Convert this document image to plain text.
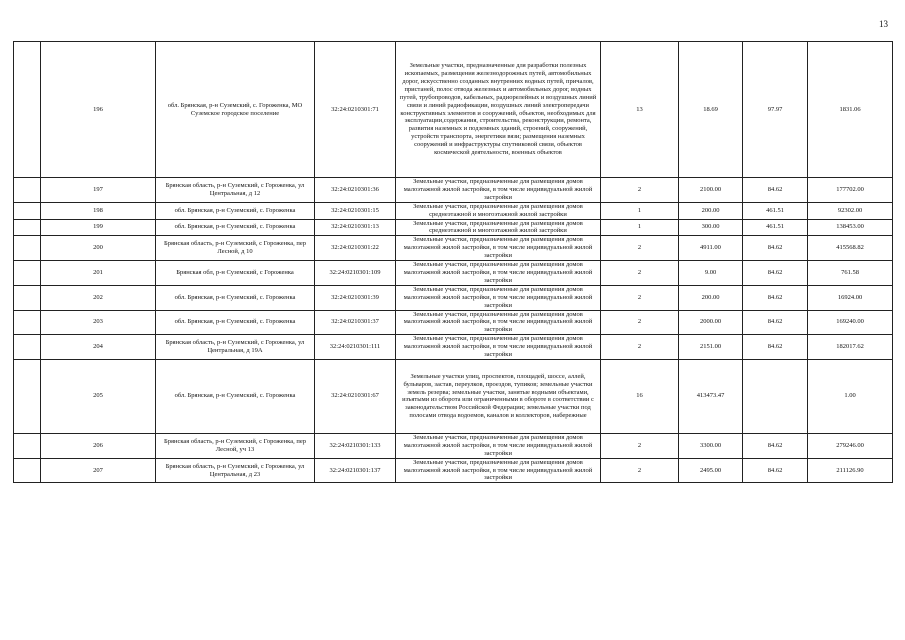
13
	196	обл. Брянская, р-н Суземский, с. Гороженка, МО Суземское городское поселение	32:24:0210301:71	Земельные участки, предназначенные для разработки полезных ископаемых, размещения железнодорожных путей, автомобильных дорог, искусственно созданных внутренних водных путей, причалов, пристаней, полос отвода железных и автомобильных дорог, водных путей, трубопроводов, кабельных, радиорелейных и воздушных линий связи и линий радиофикации, воздушных линий электропередачи конструктивных элементов и сооружений, объектов, необходимых для эксплуатации,содержания, строительства, реконструкции, ремонта, развития наземных и подземных зданий, строений, сооружений, устройств транспорта, энергетики вязи; размещения наземных сооружений и инфраструктуры спутниковой связи, объектов космической деятельности, военных объектов	13	18.69	97.97	1831.06
	197	Брянская область, р-н Суземский, с Гороженка, ул Центральная, д 12	32:24:0210301:36	Земельные участки, предназначенные для размещения домов малоэтажной жилой застройки, в том числе индивидуальной жилой застройки	2	2100.00	84.62	177702.00
	198	обл. Брянская, р-н Суземский, с. Гороженка	32:24:0210301:15	Земельные участки, предназначенные для размещения домов среднеэтажной и многоэтажной жилой застройки	1	200.00	461.51	92302.00
	199	обл. Брянская, р-н Суземский, с. Гороженка	32:24:0210301:13	Земельные участки, предназначенные для размещения домов среднеэтажной и многоэтажной жилой застройки	1	300.00	461.51	138453.00
	200	Брянская область, р-н Суземский, с Гороженка, пер Лесной, д 10	32:24:0210301:22	Земельные участки, предназначенные для размещения домов малоэтажной жилой застройки, в том числе индивидуальной жилой застройки	2	4911.00	84.62	415568.82
	201	Брянская обл, р-н Суземский, с Гороженка	32:24:0210301:109	Земельные участки, предназначенные для размещения домов малоэтажной жилой застройки, в том числе индивидуальной жилой застройки	2	9.00	84.62	761.58
	202	обл. Брянская, р-н Суземский, с. Гороженка	32:24:0210301:39	Земельные участки, предназначенные для размещения домов малоэтажной жилой застройки, в том числе индивидуальной жилой застройки	2	200.00	84.62	16924.00
	203	обл. Брянская, р-н Суземский, с. Гороженка	32:24:0210301:37	Земельные участки, предназначенные для размещения домов малоэтажной жилой застройки, в том числе индивидуальной жилой застройки	2	2000.00	84.62	169240.00
	204	Брянская область, р-н Суземский, с Гороженка, ул Центральная, д 19А	32:24:0210301:111	Земельные участки, предназначенные для размещения домов малоэтажной жилой застройки, в том числе индивидуальной жилой застройки	2	2151.00	84.62	182017.62
	205	обл. Брянская, р-н Суземский, с. Гороженка	32:24:0210301:67	Земельные участки улиц, проспектов, площадей, шоссе, аллей, бульваров, застав, переулков, проездов, тупиков; земельные участки земель резерва; земельные участки, занятые водными объектами, изъятыми из оборота или ограниченными в обороте в соответствии с законодательством Российской Федерации; земельные участки под полосами отвода водоемов, каналов и коллекторов, набережные	16	413473.47		1.00
	206	Брянская область, р-н Суземский, с Гороженка, пер Лесной, уч 13	32:24:0210301:133	Земельные участки, предназначенные для размещения домов малоэтажной жилой застройки, в том числе индивидуальной жилой застройки	2	3300.00	84.62	279246.00
	207	Брянская область, р-н Суземский, с Гороженка, ул Центральная, д 23	32:24:0210301:137	Земельные участки, предназначенные для размещения домов малоэтажной жилой застройки, в том числе индивидуальной жилой застройки	2	2495.00	84.62	211126.90
